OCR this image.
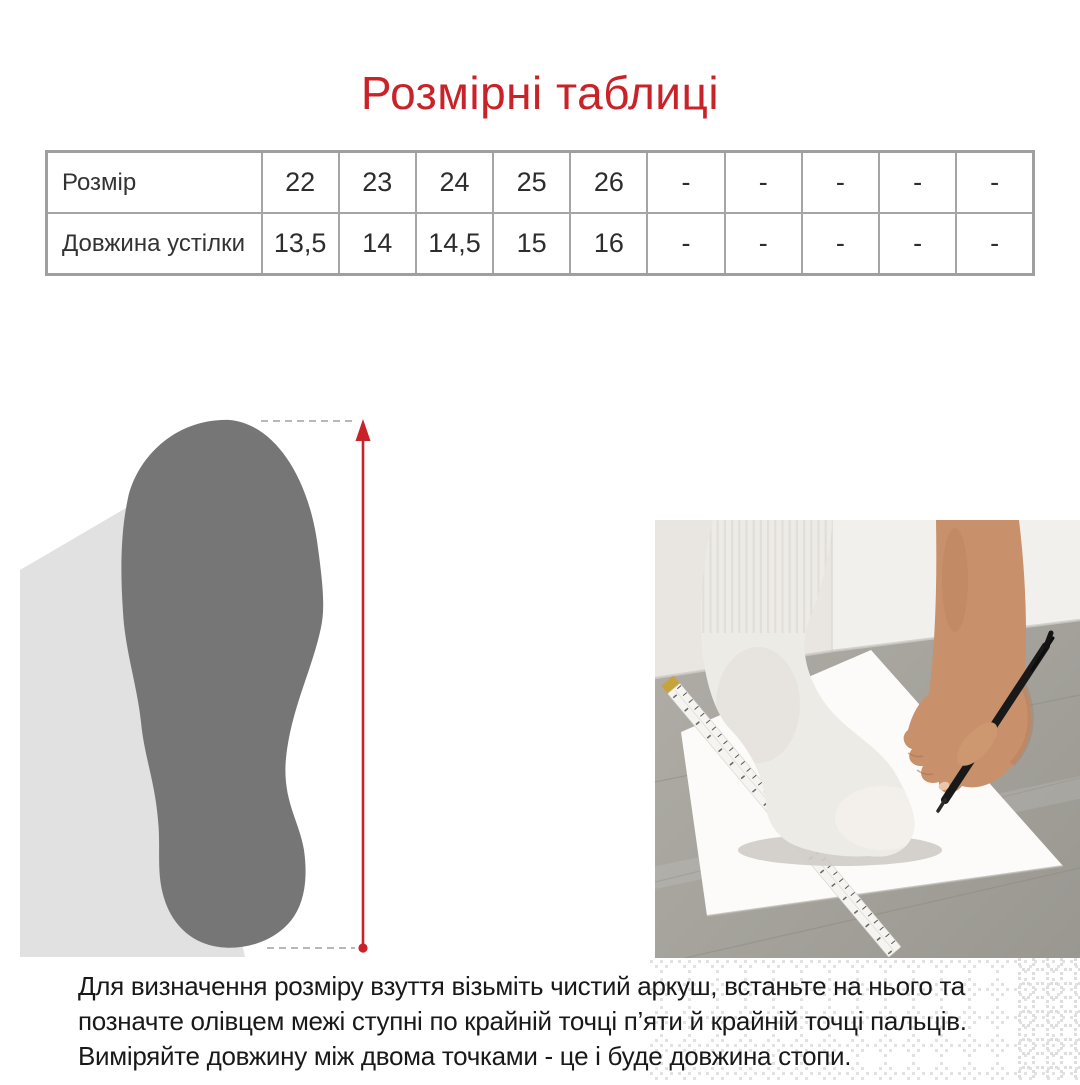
Розмірні таблиці
Розмір	22	23	24	25	26	-	-	-	-	-
Довжина устілки	13,5	14	14,5	15	16	-	-	-	-	-
Для визначення розміру взуття візьміть чистий аркуш, встаньте на нього та
позначте олівцем межі ступні по крайній точці п’яти й крайній точці пальців.
Виміряйте довжину між двома точками - це і буде довжина стопи.
